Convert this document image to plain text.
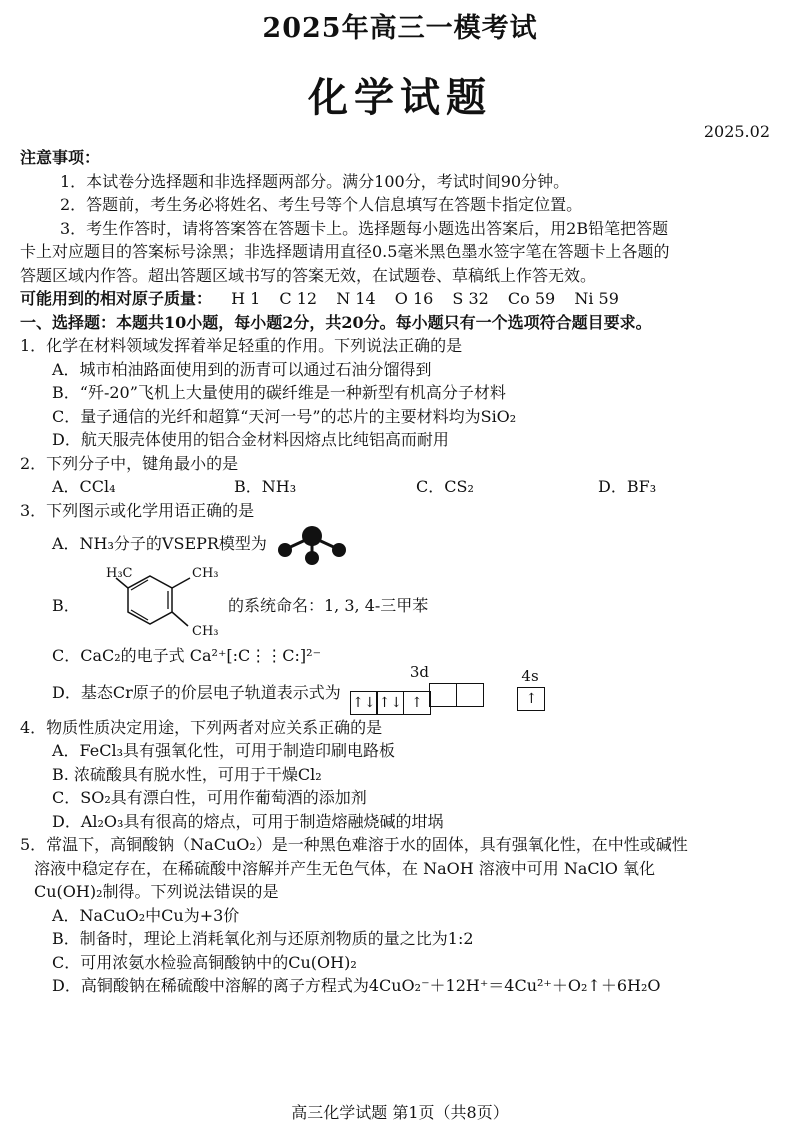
2025年高三一模考试
化学试题
2025.02
注意事项：
1．本试卷分选择题和非选择题两部分。满分100分，考试时间90分钟。
2．答题前，考生务必将姓名、考生号等个人信息填写在答题卡指定位置。
3．考生作答时，请将答案答在答题卡上。选择题每小题选出答案后，用2B铅笔把答题
卡上对应题目的答案标号涂黑；非选择题请用直径0.5毫米黑色墨水签字笔在答题卡上各题的
答题区域内作答。超出答题区域书写的答案无效，在试题卷、草稿纸上作答无效。
可能用到的相对原子质量： H 1 C 12 N 14 O 16 S 32 Co 59 Ni 59
一、选择题：本题共10小题，每小题2分，共20分。每小题只有一个选项符合题目要求。
1．化学在材料领域发挥着举足轻重的作用。下列说法正确的是
A．城市柏油路面使用到的沥青可以通过石油分馏得到
B．“歼-20”飞机上大量使用的碳纤维是一种新型有机高分子材料
C．量子通信的光纤和超算“天河一号”的芯片的主要材料均为SiO₂
D．航天服壳体使用的铝合金材料因熔点比纯铝高而耐用
2．下列分子中，键角最小的是
A．CCl₄	B．NH₃	C．CS₂	D．BF₃
3．下列图示或化学用语正确的是
A．NH₃分子的VSEPR模型为
B．
H₃C	CH₃
CH₃
的系统命名：1, 3, 4-三甲苯
C．CaC₂的电子式 Ca²⁺[:C⋮⋮C:]²⁻
D．基态Cr原子的价层电子轨道表示式为
3d
↑↓ ↑↓ ↑
4s
↑
4．物质性质决定用途，下列两者对应关系正确的是
A．FeCl₃具有强氧化性，可用于制造印刷电路板
B. 浓硫酸具有脱水性，可用于干燥Cl₂
C．SO₂具有漂白性，可用作葡萄酒的添加剂
D．Al₂O₃具有很高的熔点，可用于制造熔融烧碱的坩埚
5．常温下，高铜酸钠（NaCuO₂）是一种黑色难溶于水的固体，具有强氧化性，在中性或碱性
溶液中稳定存在，在稀硫酸中溶解并产生无色气体，在 NaOH 溶液中可用 NaClO 氧化
Cu(OH)₂制得。下列说法错误的是
A．NaCuO₂中Cu为+3价
B．制备时，理论上消耗氧化剂与还原剂物质的量之比为1:2
C．可用浓氨水检验高铜酸钠中的Cu(OH)₂
D．高铜酸钠在稀硫酸中溶解的离子方程式为4CuO₂⁻＋12H⁺＝4Cu²⁺＋O₂↑＋6H₂O
高三化学试题 第1页（共8页）
